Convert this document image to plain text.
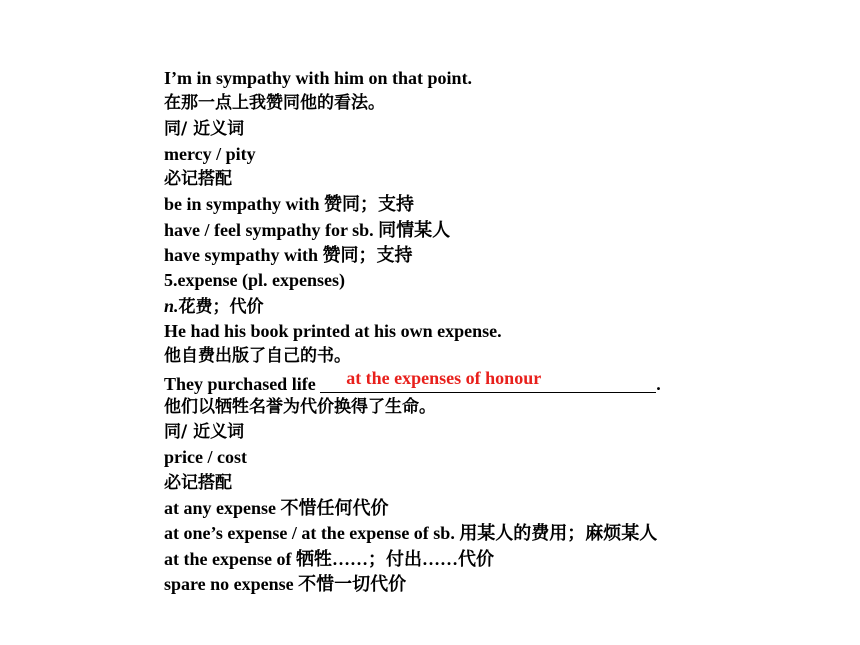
I’m in sympathy with him on that point.
在那一点上我赞同他的看法。
同/ 近义词
mercy / pity
必记搭配
be in sympathy with 赞同；支持
have / feel sympathy for sb. 同情某人
have sympathy with 赞同；支持
5.expense (pl. expenses)
n.花费；代价
He had his book printed at his own expense.
他自费出版了自己的书。
They purchased life at the expenses of honour	.
他们以牺牲名誉为代价换得了生命。
同/ 近义词
price / cost
必记搭配
at any expense 不惜任何代价
at one’s expense / at the expense of sb. 用某人的费用；麻烦某人
at the expense of 牺牲……；付出……代价
spare no expense 不惜一切代价
